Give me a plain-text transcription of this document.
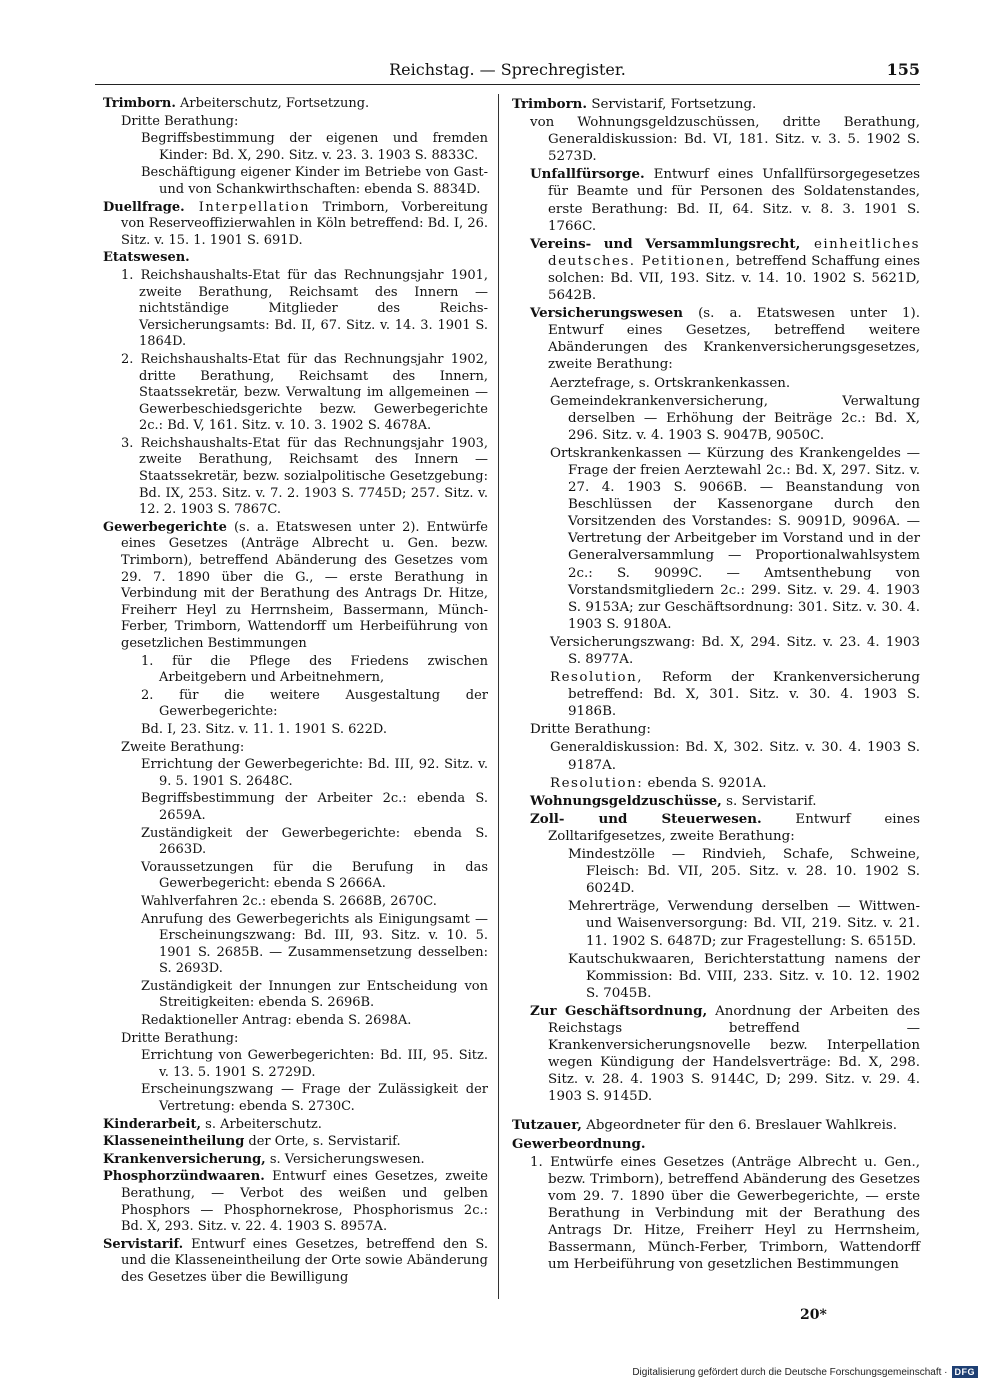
Reichstag. — Sprechregister.	155
Trimborn. Arbeiterschutz, Fortsetzung.
Dritte Berathung:
Begriffsbestimmung der eigenen und fremden Kinder: Bd. X, 290. Sitz. v. 23. 3. 1903 S. 8833C.
Beschäftigung eigener Kinder im Betriebe von Gast- und von Schankwirthschaften: ebenda S. 8834D.
Duellfrage. Interpellation Trimborn, Vorbereitung von Reserveoffizierwahlen in Köln betreffend: Bd. I, 26. Sitz. v. 15. 1. 1901 S. 691D.
Etatswesen.
1. Reichshaushalts-Etat für das Rechnungsjahr 1901, zweite Berathung, Reichsamt des Innern — nichtständige Mitglieder des Reichs-Versicherungsamts: Bd. II, 67. Sitz. v. 14. 3. 1901 S. 1864D.
2. Reichshaushalts-Etat für das Rechnungsjahr 1902, dritte Berathung, Reichsamt des Innern, Staatssekretär, bezw. Verwaltung im allgemeinen — Gewerbeschiedsgerichte bezw. Gewerbegerichte 2c.: Bd. V, 161. Sitz. v. 10. 3. 1902 S. 4678A.
3. Reichshaushalts-Etat für das Rechnungsjahr 1903, zweite Berathung, Reichsamt des Innern — Staatssekretär, bezw. sozialpolitische Gesetzgebung: Bd. IX, 253. Sitz. v. 7. 2. 1903 S. 7745D; 257. Sitz. v. 12. 2. 1903 S. 7867C.
Gewerbegerichte (s. a. Etatswesen unter 2). Entwürfe eines Gesetzes (Anträge Albrecht u. Gen. bezw. Trimborn), betreffend Abänderung des Gesetzes vom 29. 7. 1890 über die G., — erste Berathung in Verbindung mit der Berathung des Antrags Dr. Hitze, Freiherr Heyl zu Herrnsheim, Bassermann, Münch-Ferber, Trimborn, Wattendorff um Herbeiführung von gesetzlichen Bestimmungen
1. für die Pflege des Friedens zwischen Arbeitgebern und Arbeitnehmern,
2. für die weitere Ausgestaltung der Gewerbegerichte:
Bd. I, 23. Sitz. v. 11. 1. 1901 S. 622D.
Zweite Berathung:
Errichtung der Gewerbegerichte: Bd. III, 92. Sitz. v. 9. 5. 1901 S. 2648C.
Begriffsbestimmung der Arbeiter 2c.: ebenda S. 2659A.
Zuständigkeit der Gewerbegerichte: ebenda S. 2663D.
Voraussetzungen für die Berufung in das Gewerbegericht: ebenda S 2666A.
Wahlverfahren 2c.: ebenda S. 2668B, 2670C.
Anrufung des Gewerbegerichts als Einigungsamt — Erscheinungszwang: Bd. III, 93. Sitz. v. 10. 5. 1901 S. 2685B. — Zusammensetzung desselben: S. 2693D.
Zuständigkeit der Innungen zur Entscheidung von Streitigkeiten: ebenda S. 2696B.
Redaktioneller Antrag: ebenda S. 2698A.
Dritte Berathung:
Errichtung von Gewerbegerichten: Bd. III, 95. Sitz. v. 13. 5. 1901 S. 2729D.
Erscheinungszwang — Frage der Zulässigkeit der Vertretung: ebenda S. 2730C.
Kinderarbeit, s. Arbeiterschutz.
Klasseneintheilung der Orte, s. Servistarif.
Krankenversicherung, s. Versicherungswesen.
Phosphorzündwaaren. Entwurf eines Gesetzes, zweite Berathung, — Verbot des weißen und gelben Phosphors — Phosphornekrose, Phosphorismus 2c.: Bd. X, 293. Sitz. v. 22. 4. 1903 S. 8957A.
Servistarif. Entwurf eines Gesetzes, betreffend den S. und die Klasseneintheilung der Orte sowie Abänderung des Gesetzes über die Bewilligung
Trimborn. Servistarif, Fortsetzung.
von Wohnungsgeldzuschüssen, dritte Berathung, Generaldiskussion: Bd. VI, 181. Sitz. v. 3. 5. 1902 S. 5273D.
Unfallfürsorge. Entwurf eines Unfallfürsorgegesetzes für Beamte und für Personen des Soldatenstandes, erste Berathung: Bd. II, 64. Sitz. v. 8. 3. 1901 S. 1766C.
Vereins- und Versammlungsrecht, einheitliches deutsches. Petitionen, betreffend Schaffung eines solchen: Bd. VII, 193. Sitz. v. 14. 10. 1902 S. 5621D, 5642B.
Versicherungswesen (s. a. Etatswesen unter 1). Entwurf eines Gesetzes, betreffend weitere Abänderungen des Krankenversicherungsgesetzes, zweite Berathung:
Aerztefrage, s. Ortskrankenkassen.
Gemeindekrankenversicherung, Verwaltung derselben — Erhöhung der Beiträge 2c.: Bd. X, 296. Sitz. v. 4. 1903 S. 9047B, 9050C.
Ortskrankenkassen — Kürzung des Krankengeldes — Frage der freien Aerztewahl 2c.: Bd. X, 297. Sitz. v. 27. 4. 1903 S. 9066B. — Beanstandung von Beschlüssen der Kassenorgane durch den Vorsitzenden des Vorstandes: S. 9091D, 9096A. — Vertretung der Arbeitgeber im Vorstand und in der Generalversammlung — Proportionalwahlsystem 2c.: S. 9099C. — Amtsenthebung von Vorstandsmitgliedern 2c.: 299. Sitz. v. 29. 4. 1903 S. 9153A; zur Geschäftsordnung: 301. Sitz. v. 30. 4. 1903 S. 9180A.
Versicherungszwang: Bd. X, 294. Sitz. v. 23. 4. 1903 S. 8977A.
Resolution, Reform der Krankenversicherung betreffend: Bd. X, 301. Sitz. v. 30. 4. 1903 S. 9186B.
Dritte Berathung:
Generaldiskussion: Bd. X, 302. Sitz. v. 30. 4. 1903 S. 9187A.
Resolution: ebenda S. 9201A.
Wohnungsgeldzuschüsse, s. Servistarif.
Zoll- und Steuerwesen. Entwurf eines Zolltarifgesetzes, zweite Berathung:
Mindestzölle — Rindvieh, Schafe, Schweine, Fleisch: Bd. VII, 205. Sitz. v. 28. 10. 1902 S. 6024D.
Mehrerträge, Verwendung derselben — Wittwen- und Waisenversorgung: Bd. VII, 219. Sitz. v. 21. 11. 1902 S. 6487D; zur Fragestellung: S. 6515D.
Kautschukwaaren, Berichterstattung namens der Kommission: Bd. VIII, 233. Sitz. v. 10. 12. 1902 S. 7045B.
Zur Geschäftsordnung, Anordnung der Arbeiten des Reichstags betreffend — Krankenversicherungsnovelle bezw. Interpellation wegen Kündigung der Handelsverträge: Bd. X, 298. Sitz. v. 28. 4. 1903 S. 9144C, D; 299. Sitz. v. 29. 4. 1903 S. 9145D.
Tutzauer, Abgeordneter für den 6. Breslauer Wahlkreis.
Gewerbeordnung.
1. Entwürfe eines Gesetzes (Anträge Albrecht u. Gen., bezw. Trimborn), betreffend Abänderung des Gesetzes vom 29. 7. 1890 über die Gewerbegerichte, — erste Berathung in Verbindung mit der Berathung des Antrags Dr. Hitze, Freiherr Heyl zu Herrnsheim, Bassermann, Münch-Ferber, Trimborn, Wattendorff um Herbeiführung von gesetzlichen Bestimmungen
20*
Digitalisierung gefördert durch die Deutsche Forschungsgemeinschaft · DFG
